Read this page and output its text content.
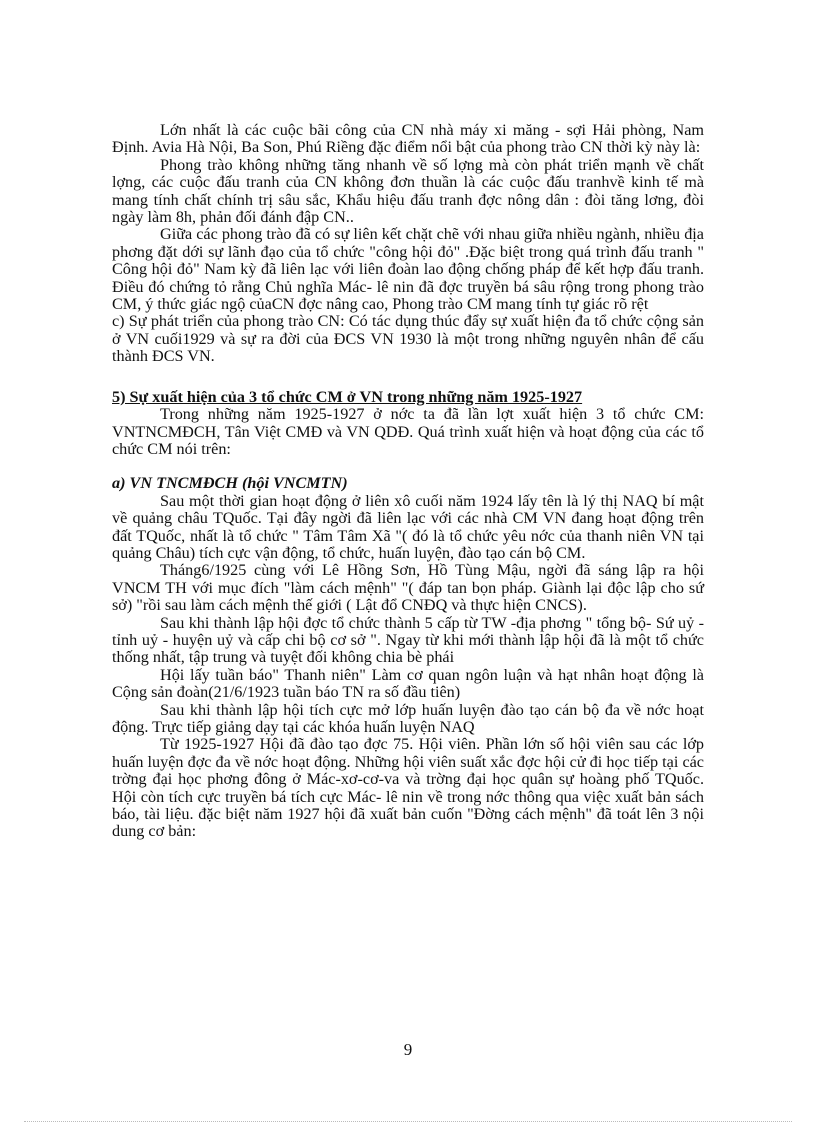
Lớn nhất là các cuộc bãi công của CN nhà máy xi măng - sợi Hải phòng, Nam Định. Avia Hà Nội, Ba Son, Phú Riềng đặc điểm nổi bật của phong trào CN thời kỳ này là:

Phong trào không những tăng nhanh về số lợng mà còn phát triển mạnh về chất lợng, các cuộc đấu tranh của CN không đơn thuần là các cuộc đấu tranhvề kinh tế mà mang tính chất chính trị sâu sắc, Khẩu hiệu đấu tranh đợc nông dân : đòi tăng lơng, đòi ngày làm 8h, phản đối đánh đập CN..

Giữa các phong trào đã có sự liên kết chặt chẽ với nhau giữa nhiều ngành, nhiều địa phơng đặt dới sự lãnh đạo của tổ chức "công hội đỏ" .Đặc biệt trong quá trình đấu tranh " Công hội đỏ" Nam kỳ đã liên lạc với liên đoàn lao động chống pháp để kết hợp đấu tranh. Điều đó chứng tỏ rằng Chủ nghĩa Mác- lê nin đã đợc truyền bá sâu rộng trong phong trào CM, ý thức giác ngộ củaCN đợc nâng cao, Phong trào CM mang tính tự giác rõ rệt

c) Sự phát triển của phong trào CN: Có tác dụng thúc đẩy sự xuất hiện đa tổ chức cộng sản ở VN cuối1929 và sự ra đời của ĐCS VN 1930 là một trong những nguyên nhân để cấu thành ĐCS VN.

5) Sự xuất hiện của 3 tổ chức CM ở VN trong những năm 1925-1927

Trong những năm 1925-1927 ở nớc ta đã lần lợt xuất hiện 3 tổ chức CM: VNTNCMĐCH, Tân Việt CMĐ và VN QDĐ. Quá trình xuất hiện và hoạt động của các tổ chức CM nói trên:

a) VN TNCMĐCH (hội VNCMTN)

Sau một thời gian hoạt động ở liên xô cuối năm 1924 lấy tên là lý thị NAQ bí mật về quảng châu TQuốc. Tại đây ngời đã liên lạc với các nhà CM VN đang hoạt động trên đất TQuốc, nhất là tổ chức " Tâm Tâm Xã "( đó là tổ chức yêu nớc của thanh niên VN tại quảng Châu) tích cực vận động, tổ chức, huấn luyện, đào tạo cán bộ CM.

Tháng6/1925 cùng với Lê Hồng Sơn, Hồ Tùng Mậu, ngời đã sáng lập ra hội VNCM TH với mục đích "làm cách mệnh" "( đáp tan bọn pháp. Giành lại độc lập cho sứ sở) "rồi sau làm cách mệnh thế giới ( Lật đổ CNĐQ và thực hiện CNCS).

Sau khi thành lập hội đợc tổ chức thành 5 cấp từ TW -địa phơng " tổng bộ- Sứ uỷ - tỉnh uỷ - huyện uỷ và cấp chi bộ cơ sở ". Ngay từ khi mới thành lập hội đã là một tổ chức thống nhất, tập trung và tuyệt đối không chia bè phái

Hội lấy tuần báo" Thanh niên" Làm cơ quan ngôn luận và hạt nhân hoạt động là Cộng sản đoàn(21/6/1923 tuần báo TN ra số đầu tiên)

Sau khi thành lập hội tích cực mở lớp huấn luyện đào tạo cán bộ đa về nớc hoạt động. Trực tiếp giảng dạy tại các khóa huấn luyện NAQ

Từ 1925-1927 Hội đã đào tạo đợc 75. Hội viên. Phần lớn số hội viên sau các lớp huấn luyện đợc đa về nớc hoạt động. Những hội viên suất xắc đợc hội cử đi học tiếp tại các trờng đại học phơng đông ở Mác-xơ-cơ-va và trờng đại học quân sự hoàng phố TQuốc. Hội còn tích cực truyền bá tích cực Mác- lê nin về trong nớc thông qua việc xuất bản sách báo, tài liệu. đặc biệt năm 1927 hội đã xuất bản cuốn "Đờng cách mệnh" đã toát lên 3 nội dung cơ bản:

9
